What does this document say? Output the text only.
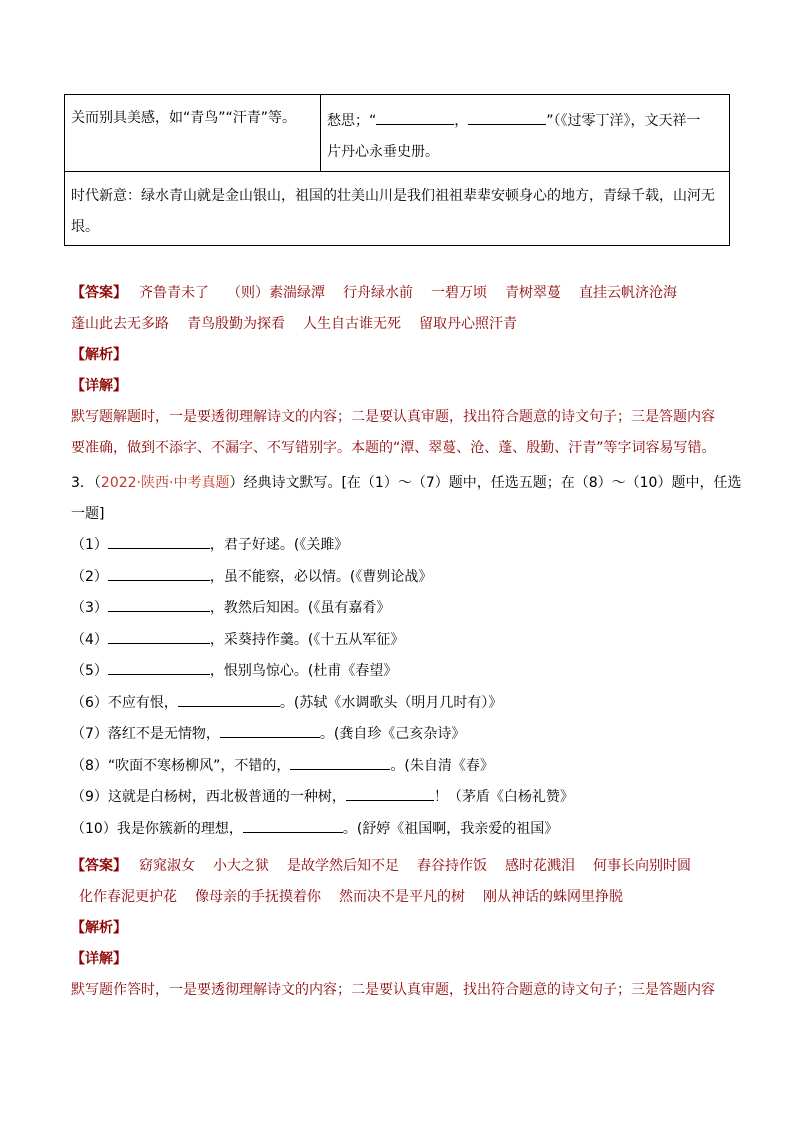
关而别具美感，如“青鸟”“汗青”等。	愁思；“	，	”（《过零丁洋》，文天祥一
片丹心永垂史册。
时代新意：绿水青山就是金山银山，祖国的壮美山川是我们祖祖辈辈安顿身心的地方，青绿千载，山河无
垠。
【答案】 齐鲁青未了 （则）素湍绿潭 行舟绿水前 一碧万顷 青树翠蔓 直挂云帆济沧海
蓬山此去无多路 青鸟殷勤为探看 人生自古谁无死 留取丹心照汗青
【解析】
【详解】
默写题解题时，一是要透彻理解诗文的内容；二是要认真审题，找出符合题意的诗文句子；三是答题内容
要准确，做到不添字、不漏字、不写错别字。本题的“潭、翠蔓、沧、蓬、殷勤、汗青”等字词容易写错。
3．（2022·陕西·中考真题）经典诗文默写。[在（1）～（7）题中，任选五题；在（8）～（10）题中，任选
一题]
（1）	，君子好逑。(《关雎》
（2）	，虽不能察，必以情。(《曹刿论战》
（3）	，教然后知困。(《虽有嘉肴》
（4）	，采葵持作羹。(《十五从军征》
（5）	，恨别鸟惊心。(杜甫《春望》
（6）不应有恨，	。(苏轼《水调歌头（明月几时有）》
（7）落红不是无情物，	。(龚自珍《己亥杂诗》
（8）“吹面不寒杨柳风”，不错的，	。(朱自清《春》
（9）这就是白杨树，西北极普通的一种树，	！（茅盾《白杨礼赞》
（10）我是你簇新的理想，	。(舒婷《祖国啊，我亲爱的祖国》
【答案】 窈窕淑女 小大之狱 是故学然后知不足 舂谷持作饭 感时花溅泪 何事长向别时圆
化作春泥更护花 像母亲的手抚摸着你 然而决不是平凡的树 刚从神话的蛛网里挣脱
【解析】
【详解】
默写题作答时，一是要透彻理解诗文的内容；二是要认真审题，找出符合题意的诗文句子；三是答题内容
